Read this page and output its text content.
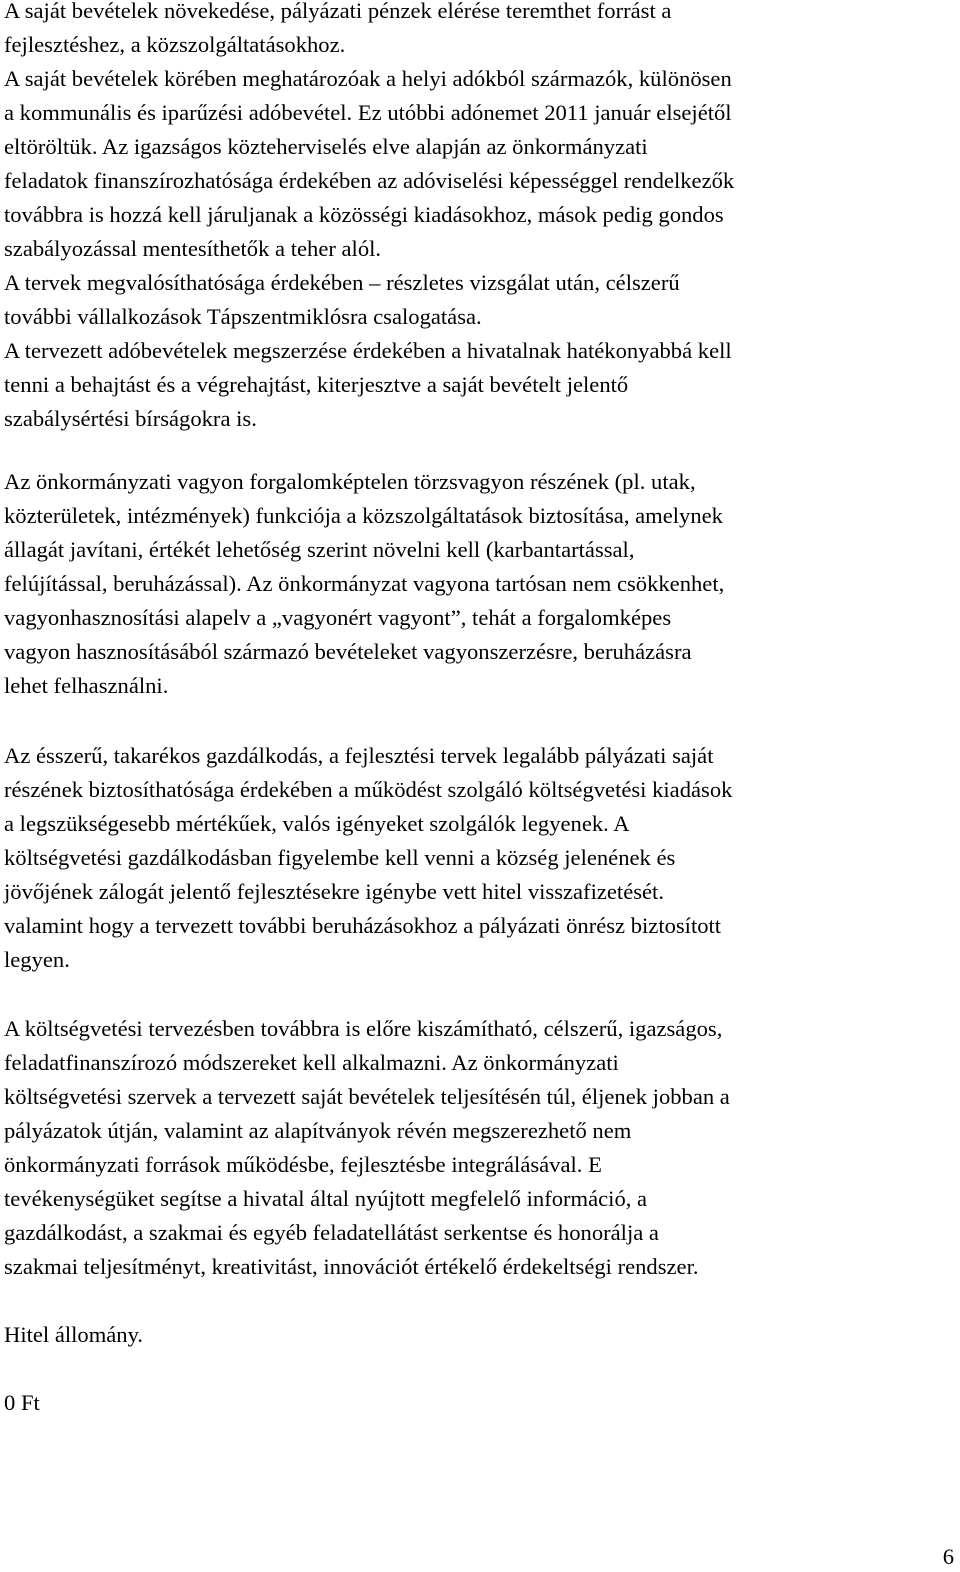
A saját bevételek növekedése, pályázati pénzek elérése teremthet forrást a
fejlesztéshez, a közszolgáltatásokhoz.
A saját bevételek körében meghatározóak a helyi adókból származók, különösen
a kommunális és iparűzési adóbevétel. Ez utóbbi adónemet 2011 január elsejétől
eltöröltük. Az igazságos közteherviselés elve alapján az önkormányzati
feladatok finanszírozhatósága érdekében az adóviselési képességgel rendelkezők
továbbra is hozzá kell járuljanak a közösségi kiadásokhoz, mások pedig gondos
szabályozással mentesíthetők a teher alól.
A tervek megvalósíthatósága érdekében – részletes vizsgálat után, célszerű
további vállalkozások Tápszentmiklósra csalogatása.
A tervezett adóbevételek megszerzése érdekében a hivatalnak hatékonyabbá kell
tenni a behajtást és a végrehajtást, kiterjesztve a saját bevételt jelentő
szabálysértési bírságokra is.

Az önkormányzati vagyon forgalomképtelen törzsvagyon részének (pl. utak,
közterületek, intézmények) funkciója a közszolgáltatások biztosítása, amelynek
állagát javítani, értékét lehetőség szerint növelni kell (karbantartással,
felújítással, beruházással). Az önkormányzat vagyona tartósan nem csökkenhet,
vagyonhasznosítási alapelv a „vagyonért vagyont”, tehát a forgalomképes
vagyon hasznosításából származó bevételeket vagyonszerzésre, beruházásra
lehet felhasználni.

Az ésszerű, takarékos gazdálkodás, a fejlesztési tervek legalább pályázati saját
részének biztosíthatósága érdekében a működést szolgáló költségvetési kiadások
a legszükségesebb mértékűek, valós igényeket szolgálók legyenek. A
költségvetési gazdálkodásban figyelembe kell venni a község jelenének és
jövőjének zálogát jelentő fejlesztésekre igénybe vett hitel visszafizetését.
valamint hogy a tervezett további beruházásokhoz a pályázati önrész biztosított
legyen.

A költségvetési tervezésben továbbra is előre kiszámítható, célszerű, igazságos,
feladatfinanszírozó módszereket kell alkalmazni. Az önkormányzati
költségvetési szervek a tervezett saját bevételek teljesítésén túl, éljenek jobban a
pályázatok útján, valamint az alapítványok révén megszerezhető nem
önkormányzati források működésbe, fejlesztésbe integrálásával. E
tevékenységüket segítse a hivatal által nyújtott megfelelő információ, a
gazdálkodást, a szakmai és egyéb feladatellátást serkentse és honorálja a
szakmai teljesítményt, kreativitást, innovációt értékelő érdekeltségi rendszer.

Hitel állomány.

0 Ft

6
